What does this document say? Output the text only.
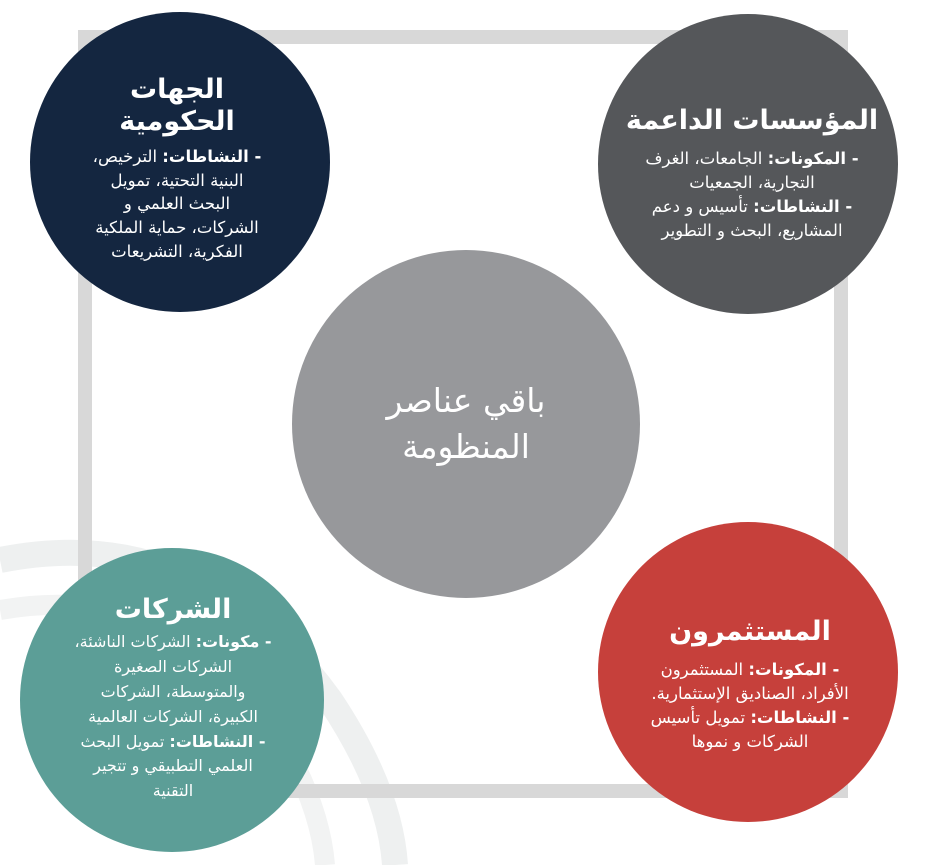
الجهات الحكومية
- النشاطات: الترخيص،
البنية التحتية، تمويل
البحث العلمي و
الشركات، حماية الملكية
الفكرية، التشريعات
المؤسسات الداعمة
- المكونات: الجامعات، الغرف
التجارية، الجمعيات
- النشاطات: تأسيس و دعم
المشاريع، البحث و التطوير
باقي عناصر
المنظومة
الشركات
- مكونات: الشركات الناشئة،
الشركات الصغيرة
والمتوسطة، الشركات
الكبيرة، الشركات العالمية
- النشاطات: تمويل البحث
العلمي التطبيقي و تتجير
التقنية
المستثمرون
- المكونات: المستثمرون
الأفراد، الصناديق الإستثمارية.
- النشاطات: تمويل تأسيس
الشركات و نموها
